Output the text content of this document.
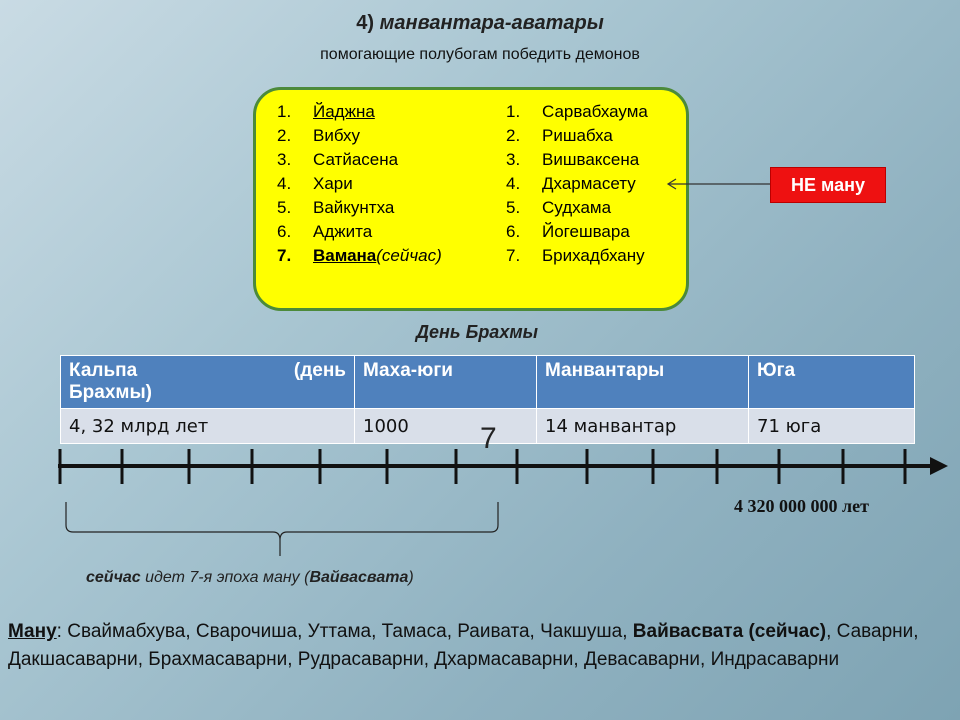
4) манвантара-аватары
помогающие полубогам победить демонов
1.	Йаджна
2.	Вибху
3.	Сатйасена
4.	Хари
5.	Вайкунтха
6.	Аджита
7.	Вамана (сейчас)
1.	Сарвабхаума
2.	Ришабха
3.	Вишваксена
4.	Дхармасету
5.	Судхама
6.	Йогешвара
7.	Брихадбхану
НЕ ману
День Брахмы
Кальпа (день
Брахмы)	Маха-юги	Манвантары	Юга
4, 32 млрд лет	1000	14 манвантар	71 юга
7
4 320 000 000 лет
сейчас идет 7-я эпоха ману (Вайвасвата)
Ману: Сваймабхува, Сварочиша, Уттама, Тамаса, Раивата, Чакшуша, Вайвасвата (сейчас), Саварни, Дакшасаварни, Брахмасаварни, Рудрасаварни, Дхармасаварни, Девасаварни, Индрасаварни
